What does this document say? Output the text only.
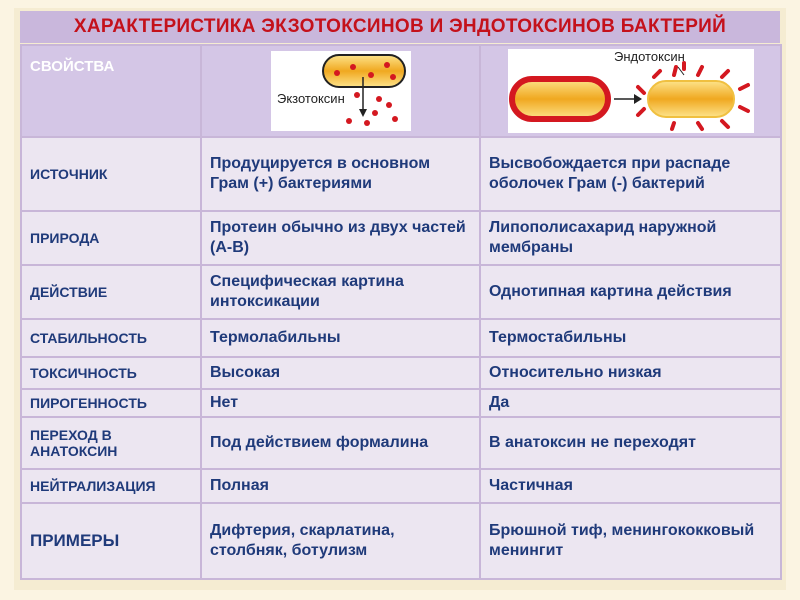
ХАРАКТЕРИСТИКА ЭКЗОТОКСИНОВ И ЭНДОТОКСИНОВ БАКТЕРИЙ
СВОЙСТВА	Экзотоксин	Эндотоксин

ИСТОЧНИК	Продуцируется в основном Грам (+) бактериями	Высвобождается при распаде оболочек Грам (-) бактерий
ПРИРОДА	Протеин обычно из двух частей (А-В)	Липополисахарид наружной мембраны
ДЕЙСТВИЕ	Специфическая картина интоксикации	Однотипная картина действия
СТАБИЛЬНОСТЬ	Термолабильны	Термостабильны
ТОКСИЧНОСТЬ	Высокая	Относительно низкая
ПИРОГЕННОСТЬ	Нет	Да
ПЕРЕХОД В АНАТОКСИН	Под действием формалина	В анатоксин не переходят
НЕЙТРАЛИЗАЦИЯ	Полная	Частичная
ПРИМЕРЫ	Дифтерия, скарлатина, столбняк, ботулизм	Брюшной тиф, менингококковый менингит
